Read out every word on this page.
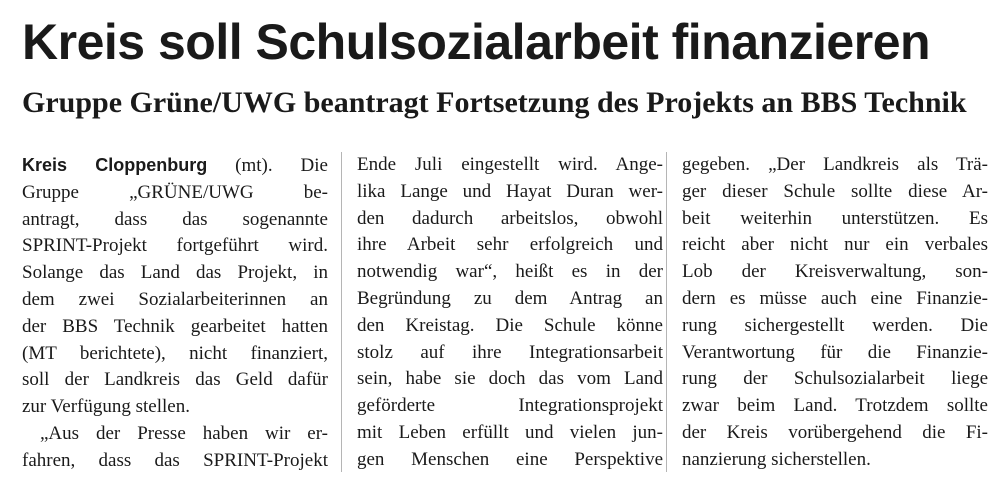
Kreis soll Schulsozialarbeit finanzieren
Gruppe Grüne/UWG beantragt Fortsetzung des Projekts an BBS Technik
Kreis Cloppenburg (mt). Die
Gruppe „GRÜNE/UWG be-
antragt, dass das sogenannte
SPRINT-Projekt fortgeführt wird.
Solange das Land das Projekt, in
dem zwei Sozialarbeiterinnen an
der BBS Technik gearbeitet hatten
(MT berichtete), nicht finanziert,
soll der Landkreis das Geld dafür
zur Verfügung stellen.
„Aus der Presse haben wir er-
fahren, dass das SPRINT-Projekt
Ende Juli eingestellt wird. Ange-
lika Lange und Hayat Duran wer-
den dadurch arbeitslos, obwohl
ihre Arbeit sehr erfolgreich und
notwendig war“, heißt es in der
Begründung zu dem Antrag an
den Kreistag. Die Schule könne
stolz auf ihre Integrationsarbeit
sein, habe sie doch das vom Land
geförderte Integrationsprojekt
mit Leben erfüllt und vielen jun-
gen Menschen eine Perspektive
gegeben. „Der Landkreis als Trä-
ger dieser Schule sollte diese Ar-
beit weiterhin unterstützen. Es
reicht aber nicht nur ein verbales
Lob der Kreisverwaltung, son-
dern es müsse auch eine Finanzie-
rung sichergestellt werden. Die
Verantwortung für die Finanzie-
rung der Schulsozialarbeit liege
zwar beim Land. Trotzdem sollte
der Kreis vorübergehend die Fi-
nanzierung sicherstellen.
